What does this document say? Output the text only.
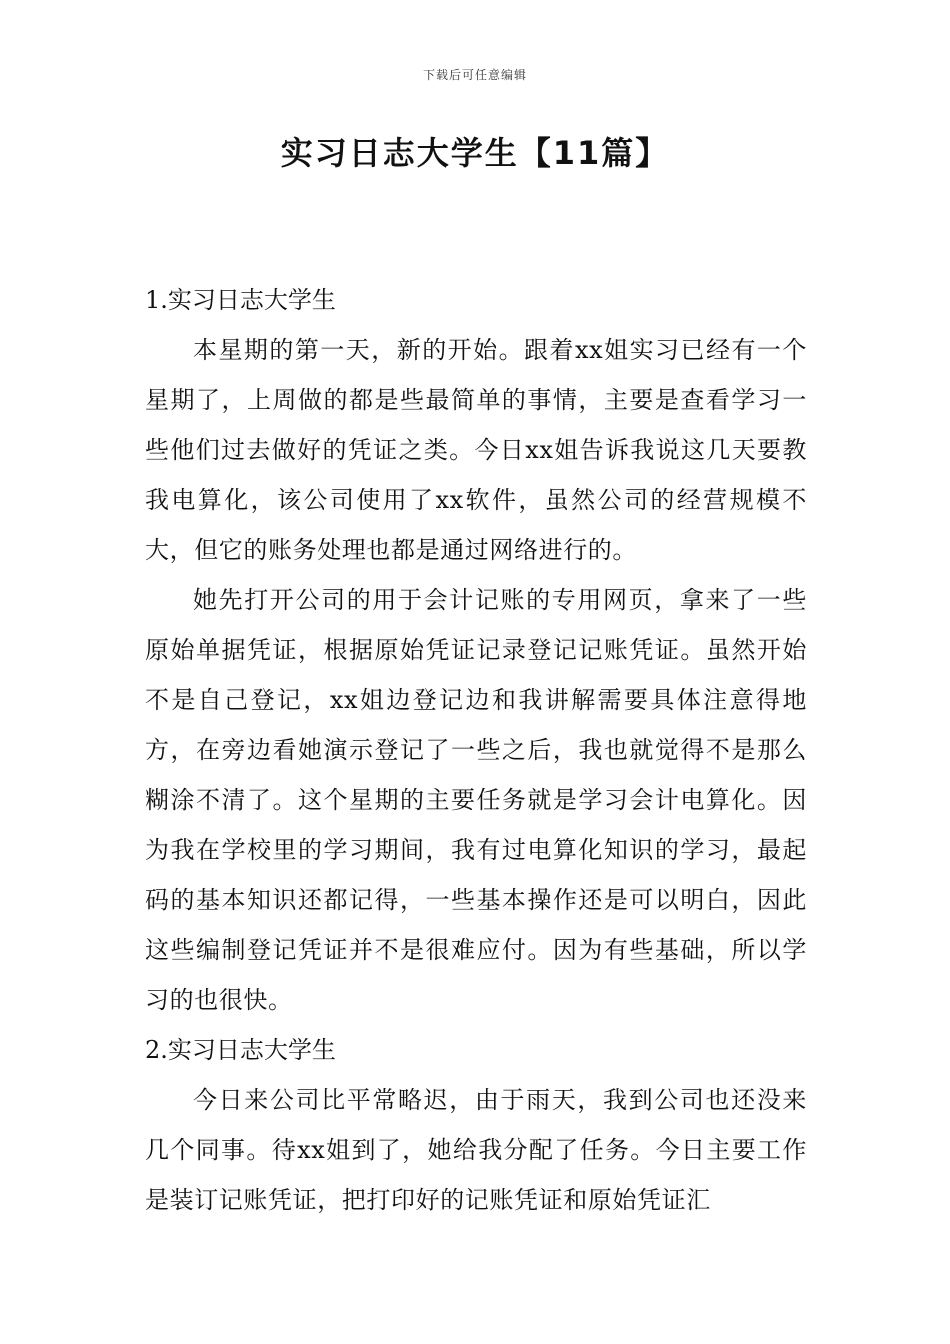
下载后可任意编辑
实习日志大学生【11篇】
1.实习日志大学生

本星期的第一天，新的开始。跟着xx姐实习已经有一个星期了，上周做的都是些最简单的事情，主要是查看学习一些他们过去做好的凭证之类。今日xx姐告诉我说这几天要教我电算化，该公司使用了xx软件，虽然公司的经营规模不大，但它的账务处理也都是通过网络进行的。

她先打开公司的用于会计记账的专用网页，拿来了一些原始单据凭证，根据原始凭证记录登记记账凭证。虽然开始不是自己登记，xx姐边登记边和我讲解需要具体注意得地方，在旁边看她演示登记了一些之后，我也就觉得不是那么糊涂不清了。这个星期的主要任务就是学习会计电算化。因为我在学校里的学习期间，我有过电算化知识的学习，最起码的基本知识还都记得，一些基本操作还是可以明白，因此这些编制登记凭证并不是很难应付。因为有些基础，所以学习的也很快。

2.实习日志大学生

今日来公司比平常略迟，由于雨天，我到公司也还没来几个同事。待xx姐到了，她给我分配了任务。今日主要工作是装订记账凭证，把打印好的记账凭证和原始凭证汇
